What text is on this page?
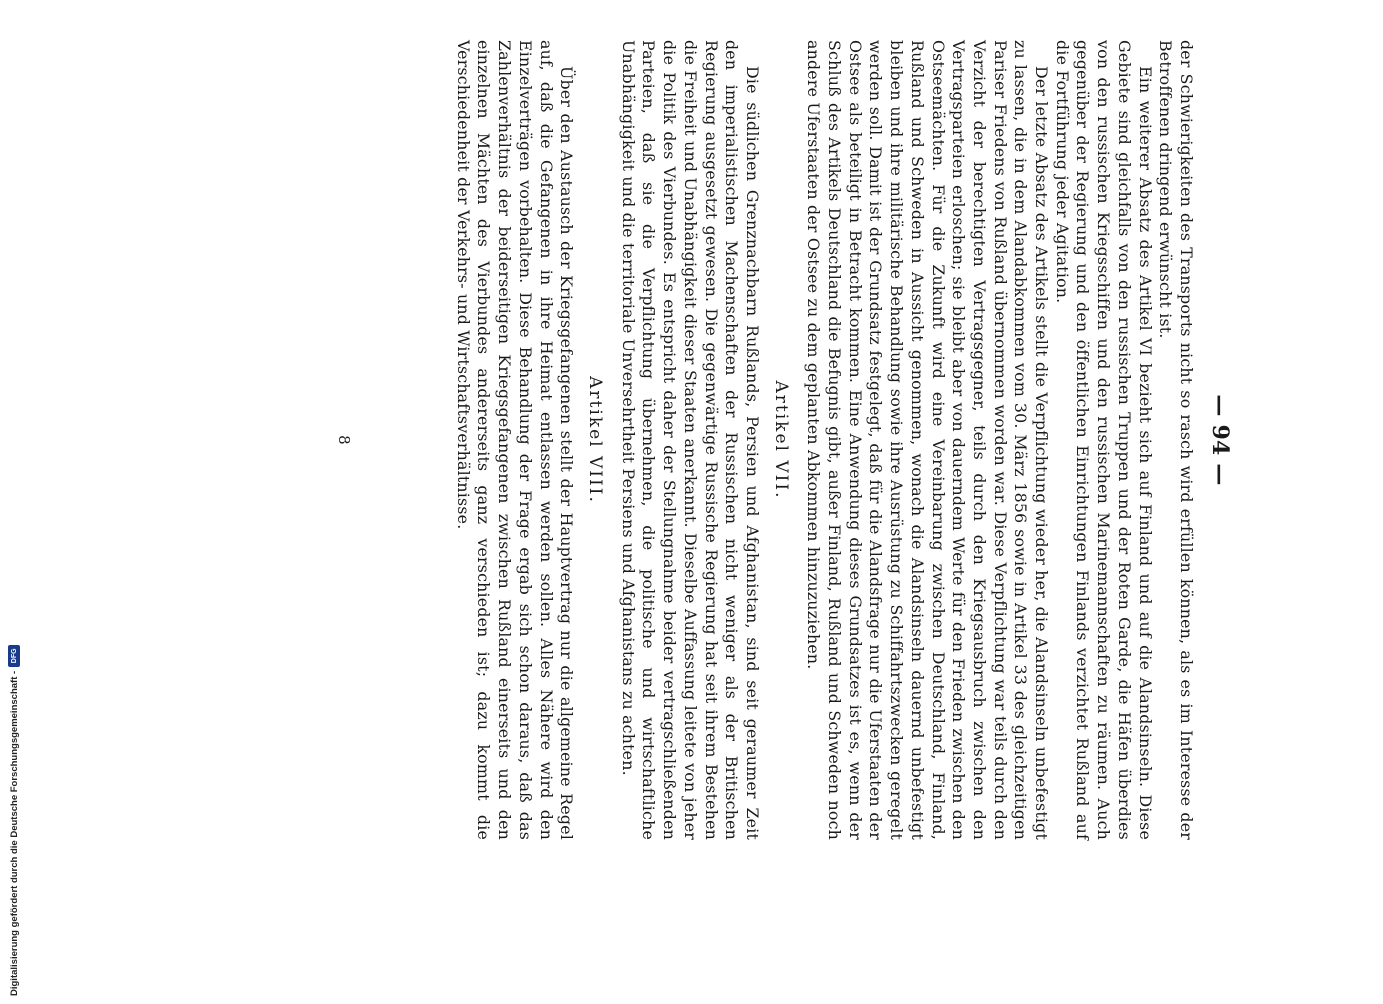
— 94 —

der Schwierigkeiten des Transports nicht so rasch wird erfüllen können, als es im Interesse der Betroffenen dringend erwünscht ist.

Ein weiterer Absatz des Artikel VI bezieht sich auf Finland und auf die Alandsinseln. Diese Gebiete sind gleichfalls von den russischen Truppen und der Roten Garde, die Häfen überdies von den russischen Kriegsschiffen und den russischen Marinemannschaften zu räumen. Auch gegenüber der Regierung und den öffentlichen Einrichtungen Finlands verzichtet Rußland auf die Fortführung jeder Agitation.

Der letzte Absatz des Artikels stellt die Verpflichtung wieder her, die Alandsinseln unbefestigt zu lassen, die in dem Alandabkommen vom 30. März 1856 sowie in Artikel 33 des gleichzeitigen Pariser Friedens von Rußland übernommen worden war. Diese Verpflichtung war teils durch den Verzicht der berechtigten Vertragsgegner, teils durch den Kriegsausbruch zwischen den Vertragsparteien erloschen; sie bleibt aber von dauerndem Werte für den Frieden zwischen den Ostseemächten. Für die Zukunft wird eine Vereinbarung zwischen Deutschland, Finland, Rußland und Schweden in Aussicht genommen, wonach die Alandsinseln dauernd unbefestigt bleiben und ihre militärische Behandlung sowie ihre Ausrüstung zu Schiffahrtszwecken geregelt werden soll. Damit ist der Grundsatz festgelegt, daß für die Alandsfrage nur die Uferstaaten der Ostsee als beteiligt in Betracht kommen. Eine Anwendung dieses Grundsatzes ist es, wenn der Schluß des Artikels Deutschland die Befugnis gibt, außer Finland, Rußland und Schweden noch andere Uferstaaten der Ostsee zu dem geplanten Abkommen hinzuzuziehen.

Artikel VII.

Die südlichen Grenznachbarn Rußlands, Persien und Afghanistan, sind seit geraumer Zeit den imperialistischen Machenschaften der Russischen nicht weniger als der Britischen Regierung ausgesetzt gewesen. Die gegenwärtige Russische Regierung hat seit ihrem Bestehen die Freiheit und Unabhängigkeit dieser Staaten anerkannt. Dieselbe Auffassung leitete von jeher die Politik des Vierbundes. Es entspricht daher der Stellungnahme beider vertragschließenden Parteien, daß sie die Verpflichtung übernehmen, die politische und wirtschaftliche Unabhängigkeit und die territoriale Unversehrtheit Persiens und Afghanistans zu achten.

Artikel VIII.

Über den Austausch der Kriegsgefangenen stellt der Hauptvertrag nur die allgemeine Regel auf, daß die Gefangenen in ihre Heimat entlassen werden sollen. Alles Nähere wird den Einzelverträgen vorbehalten. Diese Behandlung der Frage ergab sich schon daraus, daß das Zahlenverhältnis der beiderseitigen Kriegsgefangenen zwischen Rußland einerseits und den einzelnen Mächten des Vierbundes andererseits ganz verschieden ist; dazu kommt die Verschiedenheit der Verkehrs- und Wirtschaftsverhältnisse.

8
Digitalisierung gefördert durch die Deutsche Forschungsgemeinschaft -
DFG
